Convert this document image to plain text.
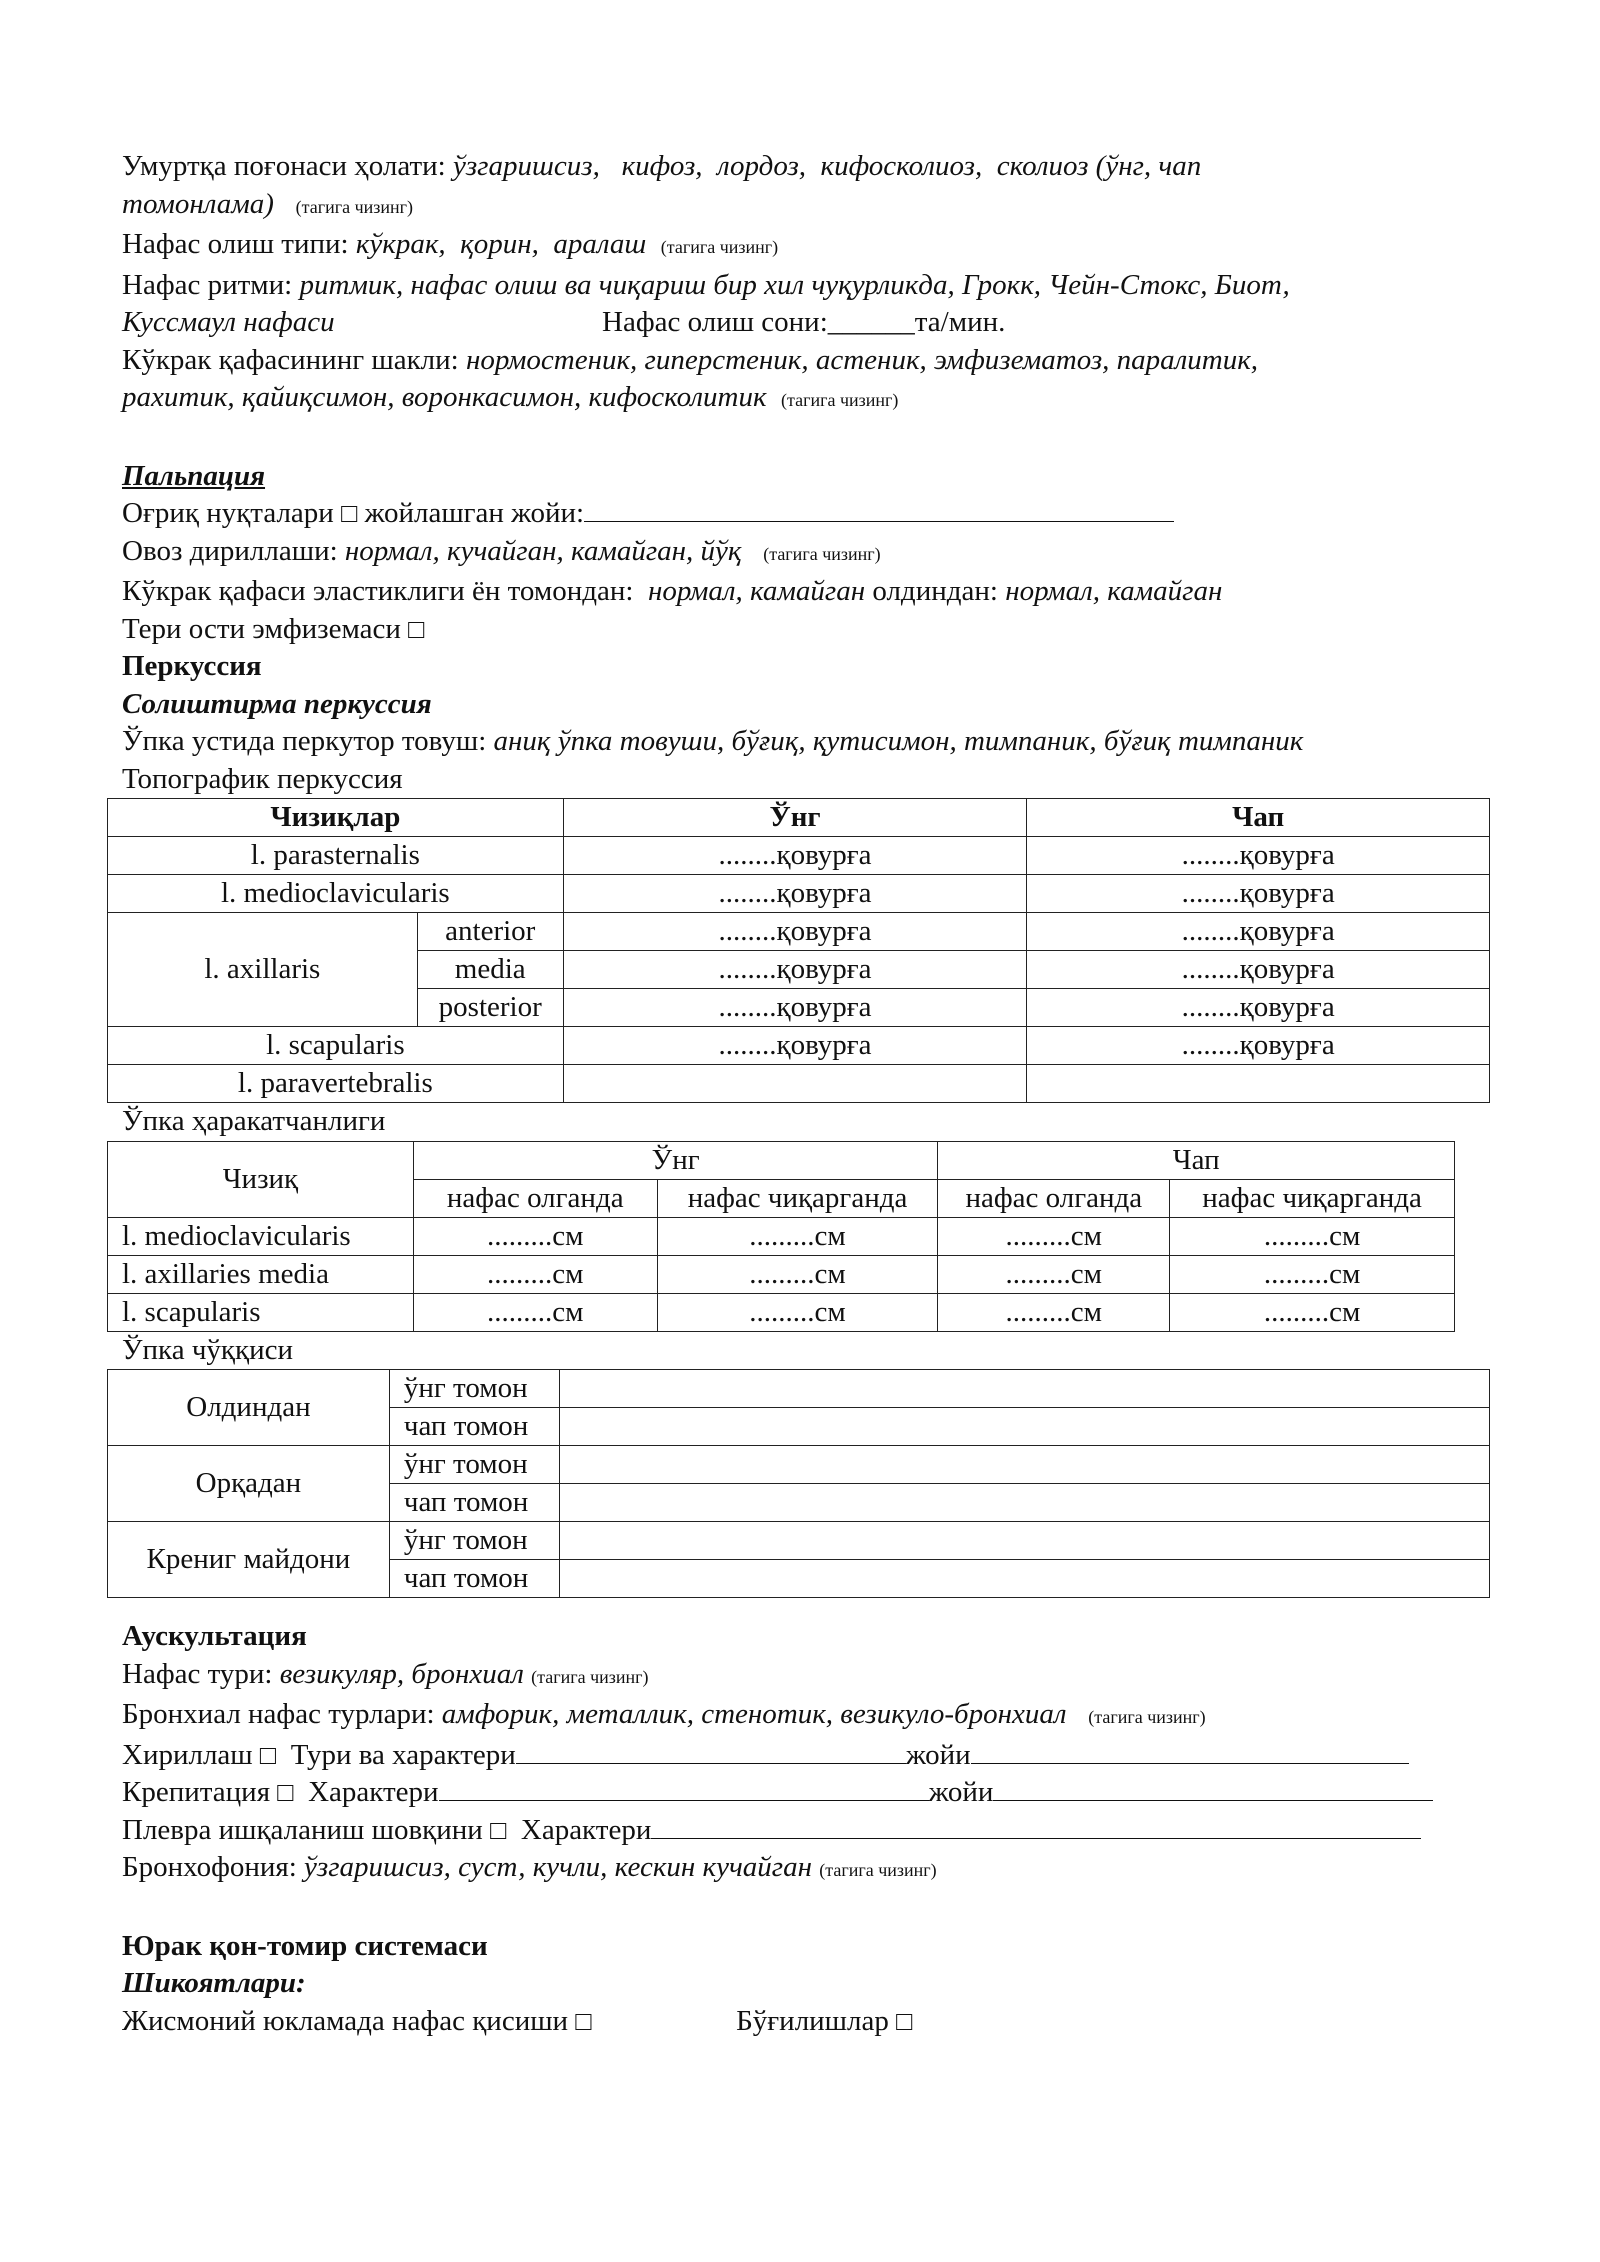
Умуртқа поғонаси ҳолати: ўзгаришсиз, кифоз, лордоз, кифосколиоз, сколиоз (ўнг, чап
томонлама) (тагига чизинг)

Нафас олиш типи: кўкрак, қорин, аралаш (тагига чизинг)

Нафас ритми: ритмик, нафас олиш ва чиқариш бир хил чуқурликда, Грокк, Чейн-Стокс, Биот,
Куссмаул нафаси	Нафас олиш сони:______та/мин.

Кўкрак қафасининг шакли: нормостеник, гиперстеник, астеник, эмфизематоз, паралитик,
рахитик, қайиқсимон, воронкасимон, кифосколитик (тагига чизинг)

Пальпация

Оғриқ нуқталари □ жойлашган жойи:

Овоз дириллаши: нормал, кучайган, камайган, йўқ (тагига чизинг)

Кўкрак қафаси эластиклиги ён томондан: нормал, камайган олдиндан: нормал, камайган

Тери ости эмфиземаси □

Перкуссия

Солиштирма перкуссия

Ўпка устида перкутор товуш: аниқ ўпка товуши, бўғиқ, қутисимон, тимпаник, бўғиқ тимпаник

Топографик перкуссия

Чизиқлар		Ўнг	Чап
l. parasternalis		........қовурға	........қовурға
l. medioclavicularis		........қовурға	........қовурға
l. axillaris	anterior	........қовурға	........қовурға
	media	........қовурға	........қовурға
	posterior	........қовурға	........қовурға
l. scapularis		........қовурға	........қовурға
l. paravertebralis			

Ўпка ҳаракатчанлиги

Чизиқ	Ўнг		Чап	
	нафас олганда	нафас чиқарганда	нафас олганда	нафас чиқарганда
l. medioclavicularis	.........см	.........см	.........см	.........см
l. axillaries media	.........см	.........см	.........см	.........см
l. scapularis	.........см	.........см	.........см	.........см

Ўпка чўққиси

Олдиндан	ўнг томон	
	чап томон	
Орқадан	ўнг томон	
	чап томон	
Крениг майдони	ўнг томон	
	чап томон	

Аускультация

Нафас тури: везикуляр, бронхиал (тагига чизинг)

Бронхиал нафас турлари: амфорик, металлик, стенотик, везикуло-бронхиал (тагига чизинг)

Хириллаш □ Тури ва характери	жойи

Крепитация □ Характери	жойи

Плевра ишқаланиш шовқини □ Характери

Бронхофония: ўзгаришсиз, суст, кучли, кескин кучайган (тагига чизинг)

Юрак қон-томир системаси

Шикоятлари:

Жисмоний юкламада нафас қисиши □	Бўғилишлар □
